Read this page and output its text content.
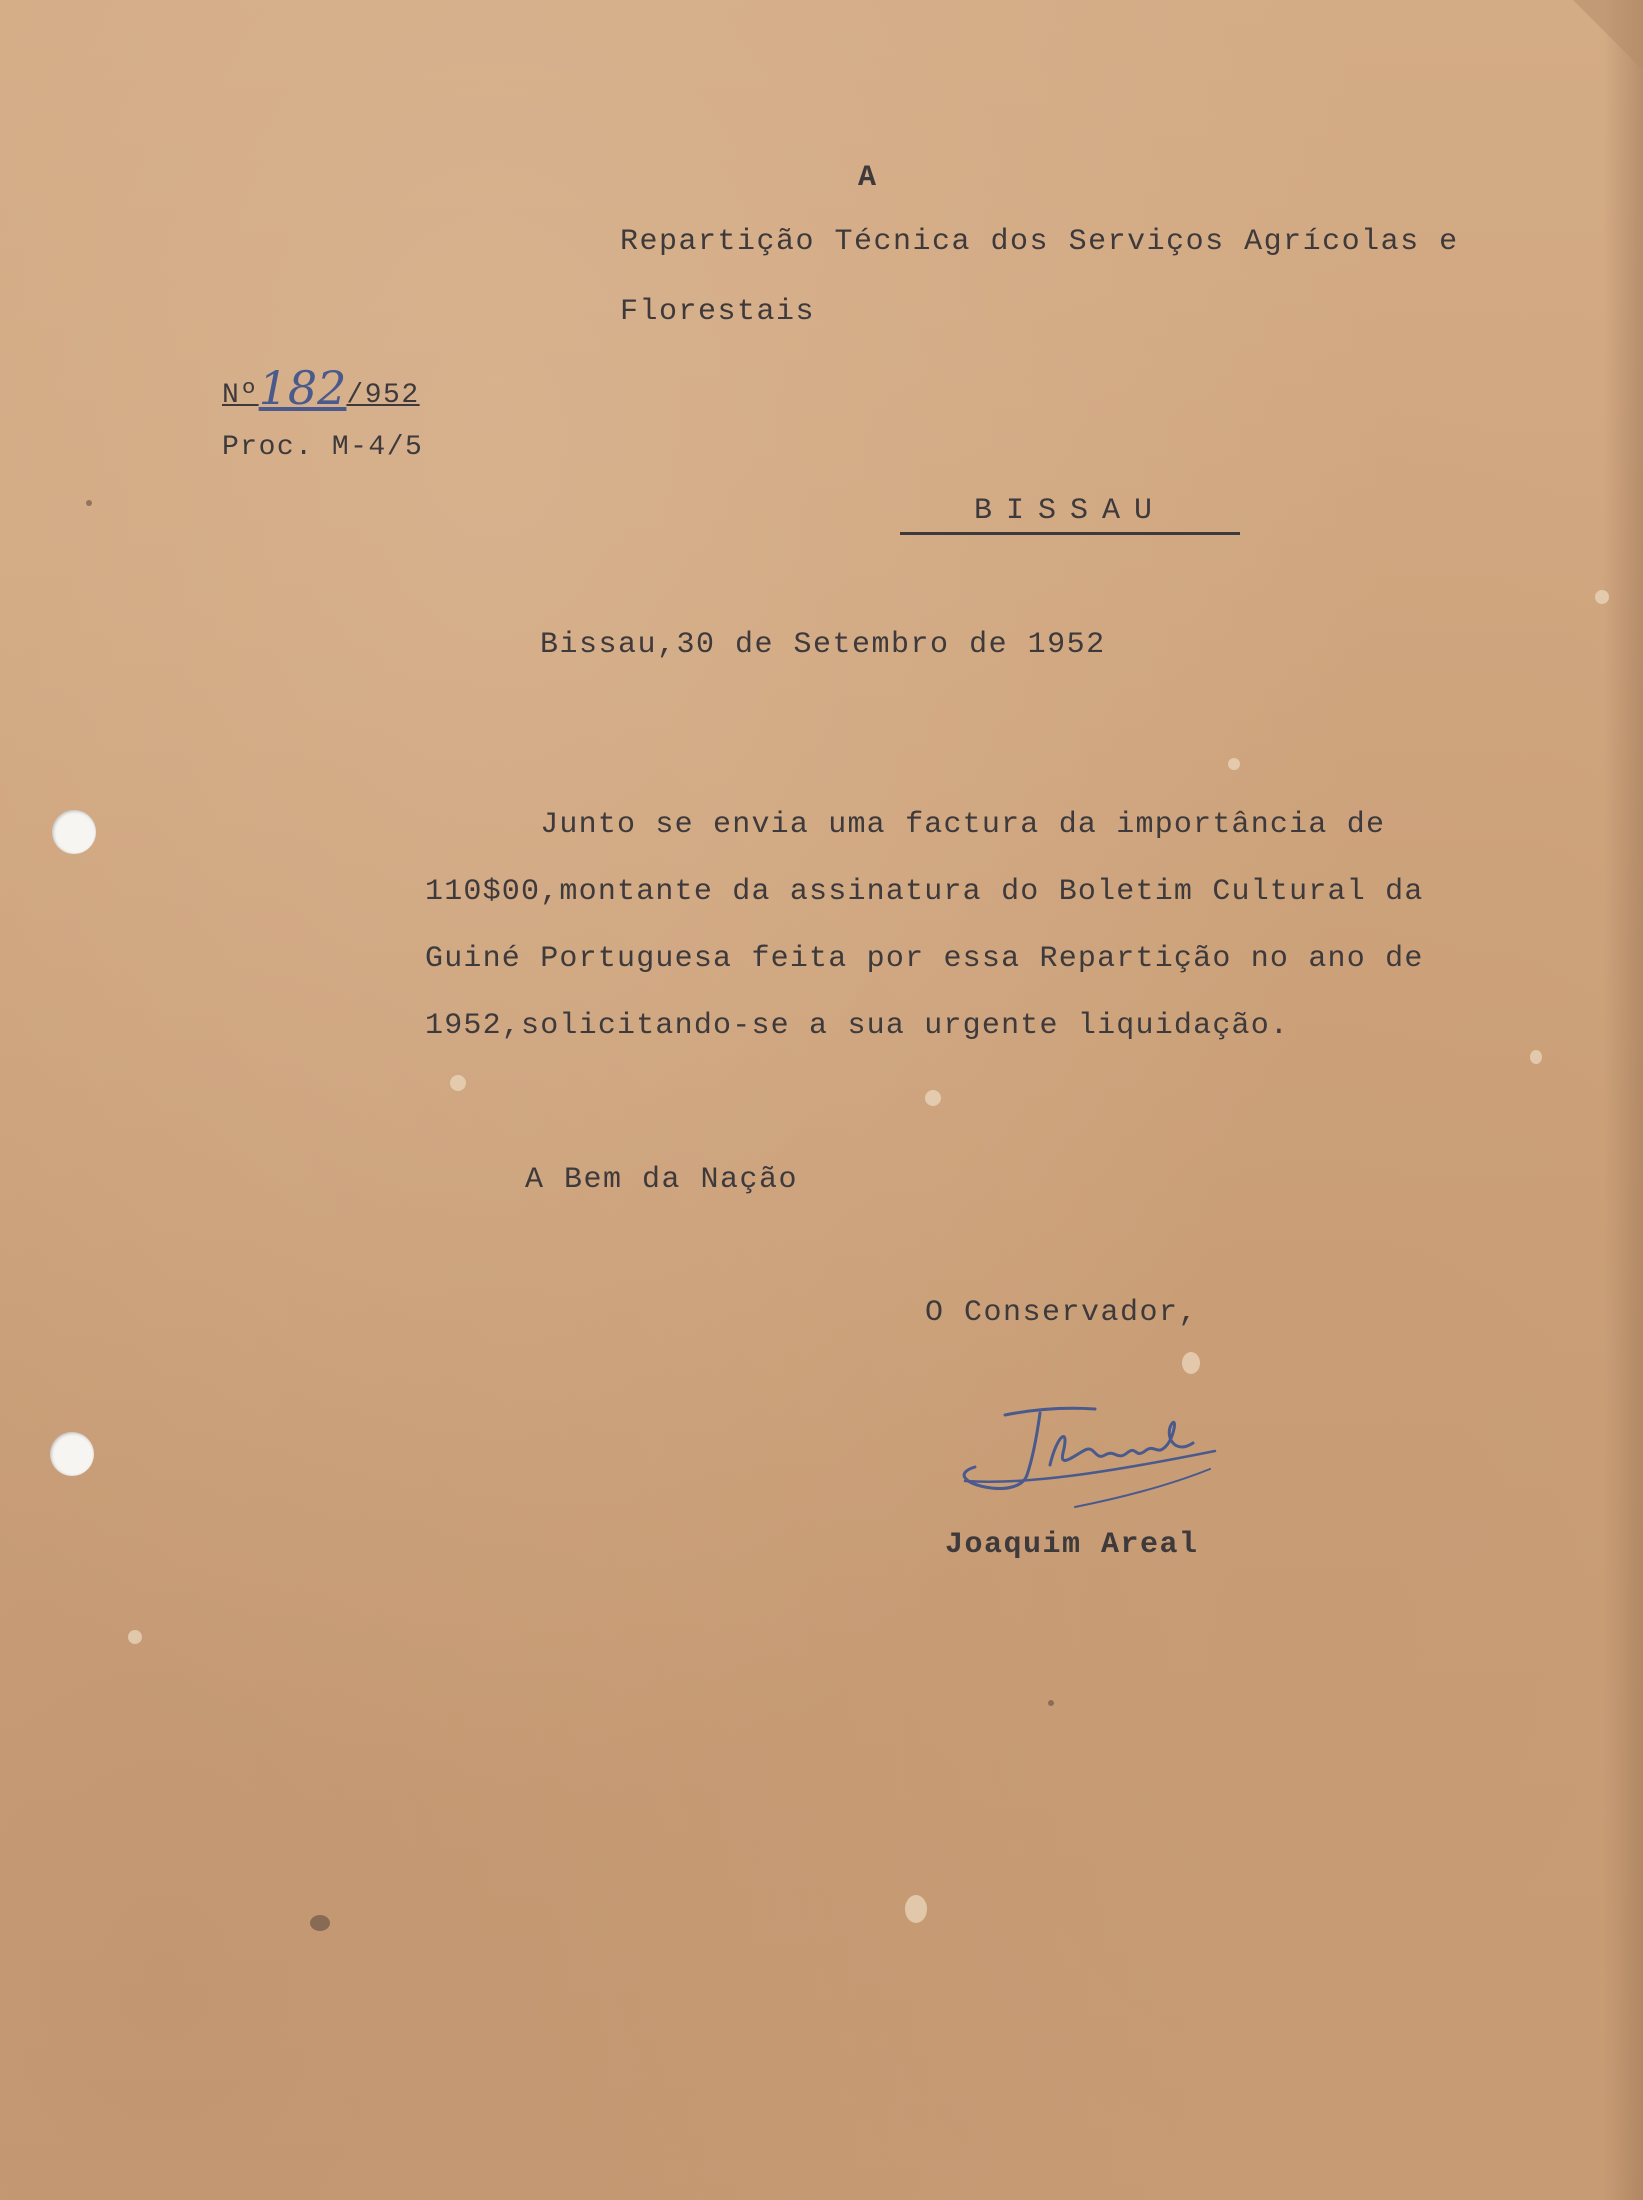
A
Repartição Técnica dos Serviços Agrícolas e
Florestais
Nº182/952
Proc. M-4/5
BISSAU
Bissau,30 de Setembro de 1952
Junto se envia uma factura da importância de
110$00,montante da assinatura do Boletim Cultural da
Guiné Portuguesa feita por essa Repartição no ano de
1952,solicitando-se a sua urgente liquidação.
A Bem da Nação
O Conservador,
Joaquim Areal
